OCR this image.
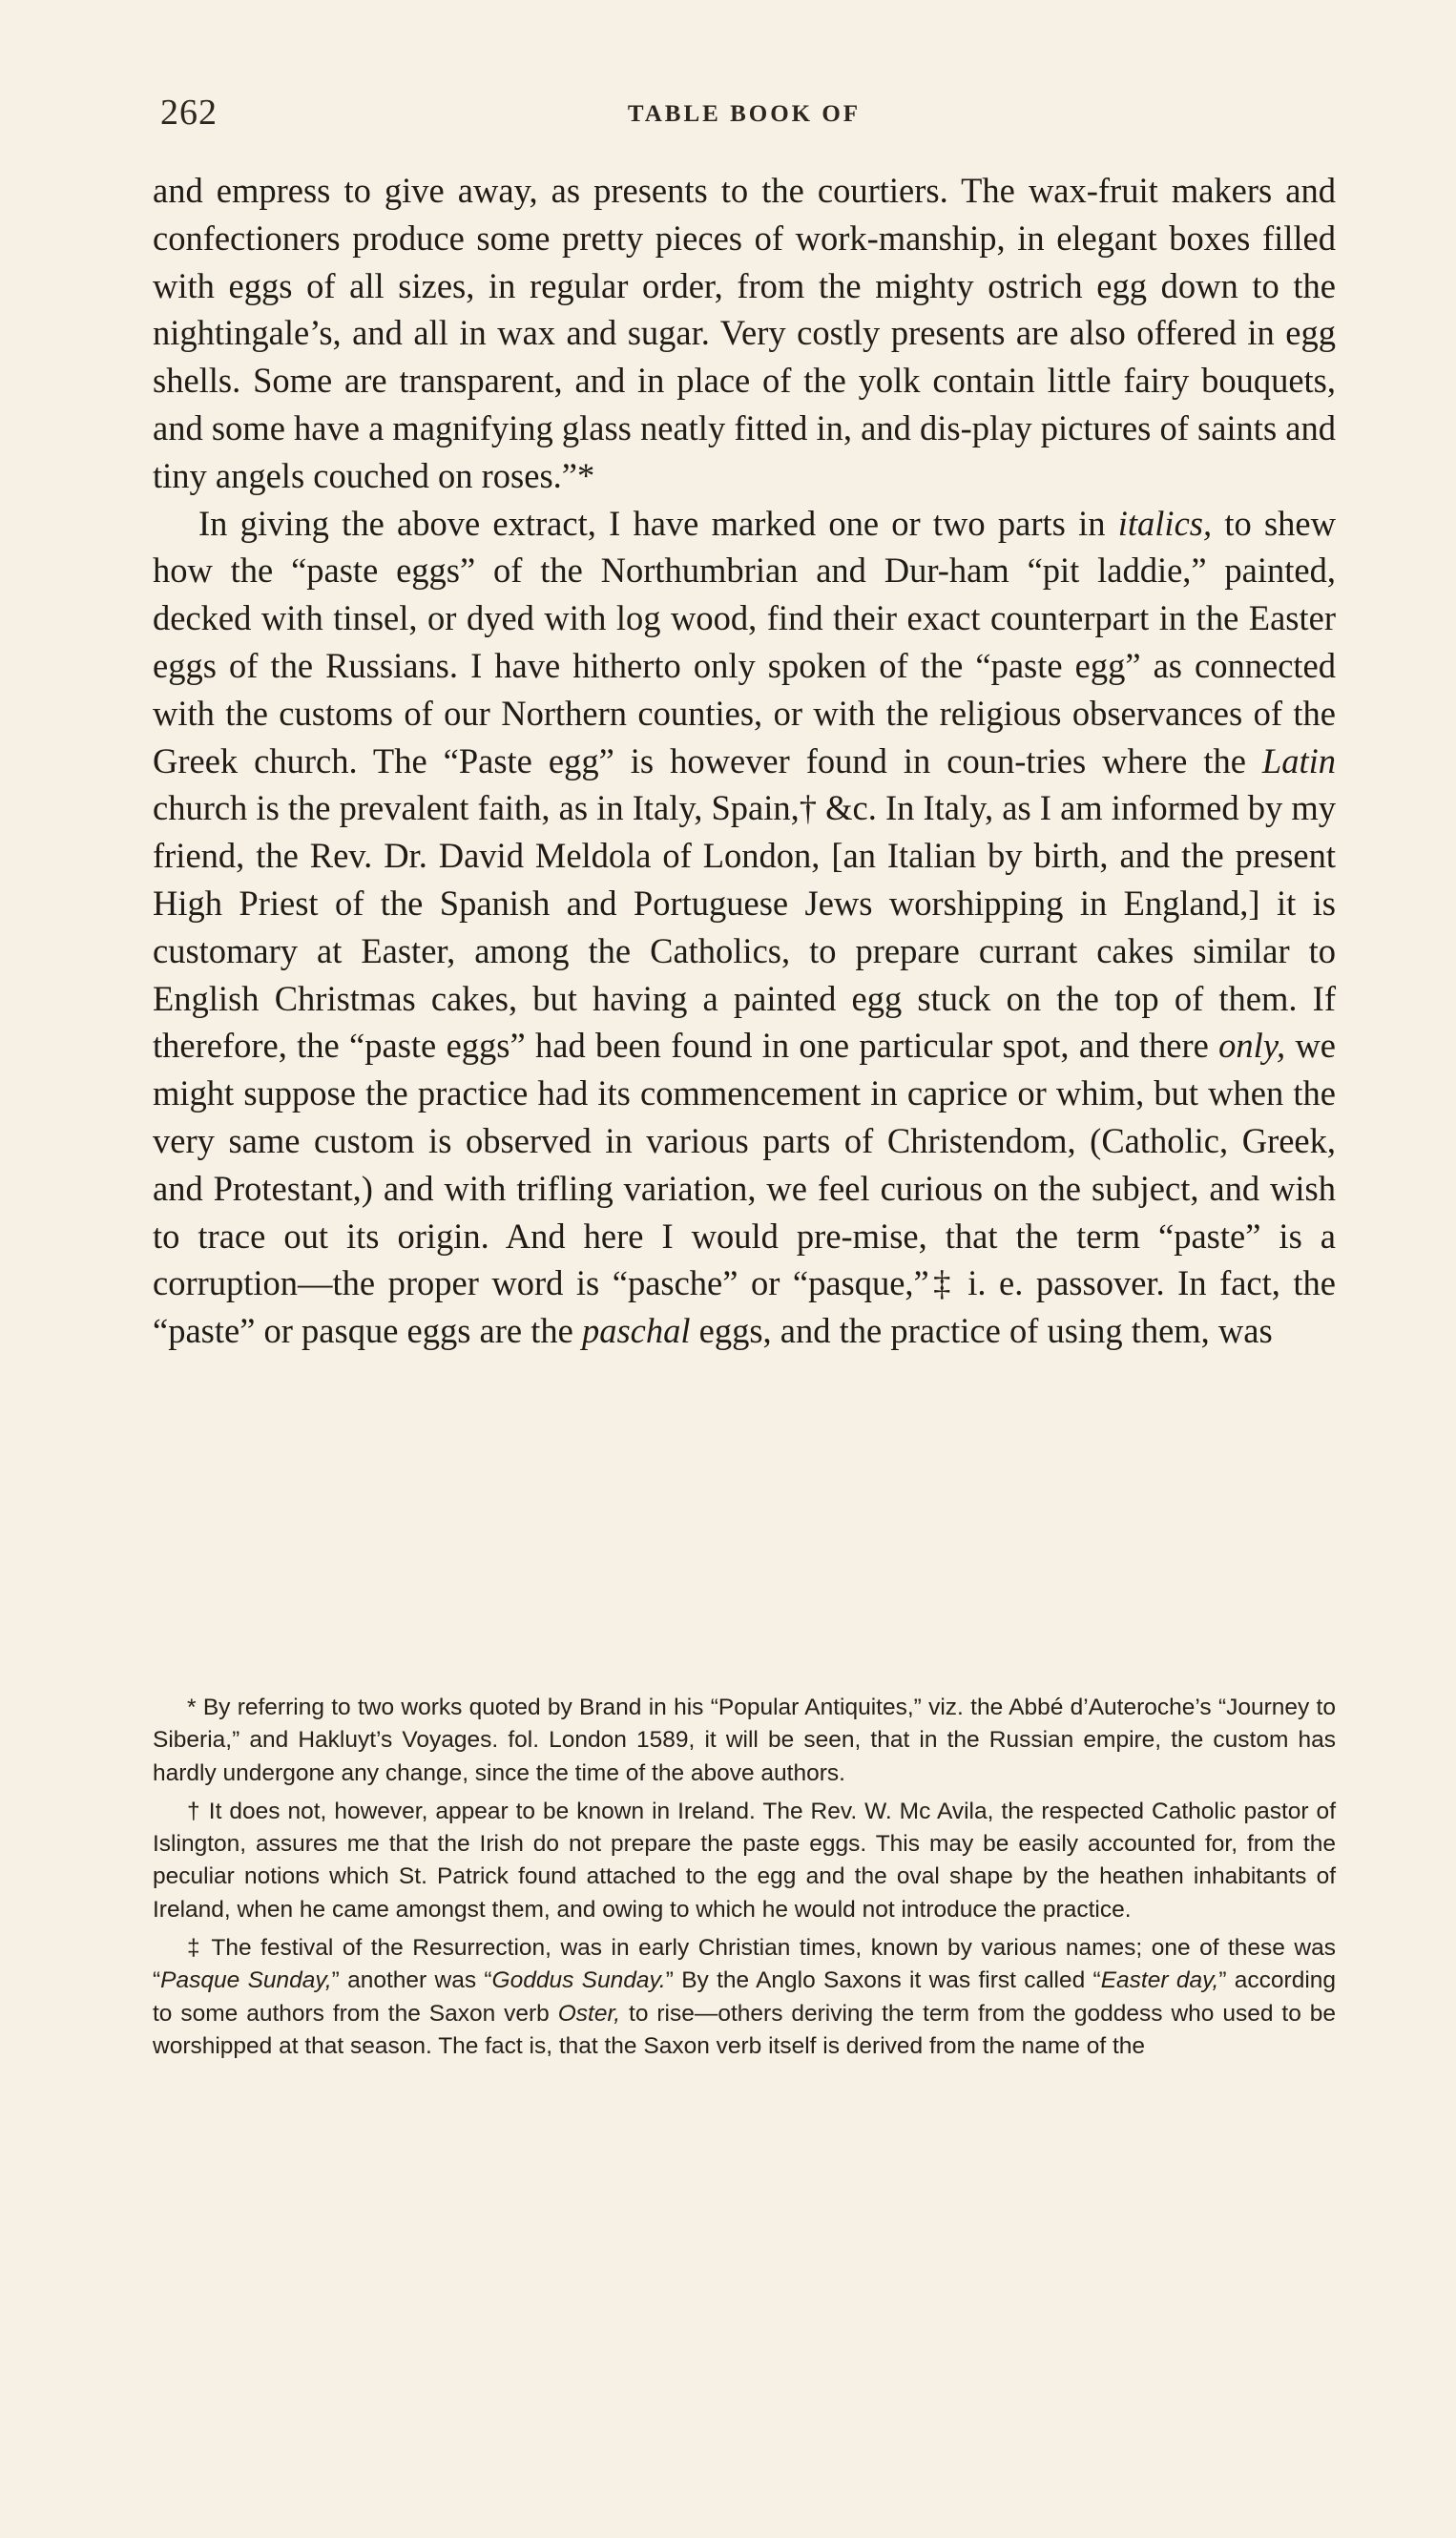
262	TABLE BOOK OF

and empress to give away, as presents to the courtiers. The wax-fruit makers and confectioners produce some pretty pieces of work-manship, in elegant boxes filled with eggs of all sizes, in regular order, from the mighty ostrich egg down to the nightingale’s, and all in wax and sugar. Very costly presents are also offered in egg shells. Some are transparent, and in place of the yolk contain little fairy bouquets, and some have a magnifying glass neatly fitted in, and dis-play pictures of saints and tiny angels couched on roses.”*

In giving the above extract, I have marked one or two parts in italics, to shew how the “paste eggs” of the Northumbrian and Dur-ham “pit laddie,” painted, decked with tinsel, or dyed with log wood, find their exact counterpart in the Easter eggs of the Russians. I have hitherto only spoken of the “paste egg” as connected with the customs of our Northern counties, or with the religious observances of the Greek church. The “Paste egg” is however found in coun-tries where the Latin church is the prevalent faith, as in Italy, Spain,† &c. In Italy, as I am informed by my friend, the Rev. Dr. David Meldola of London, [an Italian by birth, and the present High Priest of the Spanish and Portuguese Jews worshipping in England,] it is customary at Easter, among the Catholics, to prepare currant cakes similar to English Christmas cakes, but having a painted egg stuck on the top of them. If therefore, the “paste eggs” had been found in one particular spot, and there only, we might suppose the practice had its commencement in caprice or whim, but when the very same custom is observed in various parts of Christendom, (Catholic, Greek, and Protestant,) and with trifling variation, we feel curious on the subject, and wish to trace out its origin. And here I would pre-mise, that the term “paste” is a corruption—the proper word is “pasche” or “pasque,”‡ i. e. passover. In fact, the “paste” or pasque eggs are the paschal eggs, and the practice of using them, was

* By referring to two works quoted by Brand in his “Popular Antiquites,” viz. the Abbé d’Auteroche’s “Journey to Siberia,” and Hakluyt’s Voyages. fol. London 1589, it will be seen, that in the Russian empire, the custom has hardly undergone any change, since the time of the above authors.

† It does not, however, appear to be known in Ireland. The Rev. W. Mc Avila, the respected Catholic pastor of Islington, assures me that the Irish do not prepare the paste eggs. This may be easily accounted for, from the peculiar notions which St. Patrick found attached to the egg and the oval shape by the heathen inhabitants of Ireland, when he came amongst them, and owing to which he would not introduce the practice.

‡ The festival of the Resurrection, was in early Christian times, known by various names; one of these was “Pasque Sunday,” another was “Goddus Sunday.” By the Anglo Saxons it was first called “Easter day,” according to some authors from the Saxon verb Oster, to rise—others deriving the term from the goddess who used to be worshipped at that season. The fact is, that the Saxon verb itself is derived from the name of the
